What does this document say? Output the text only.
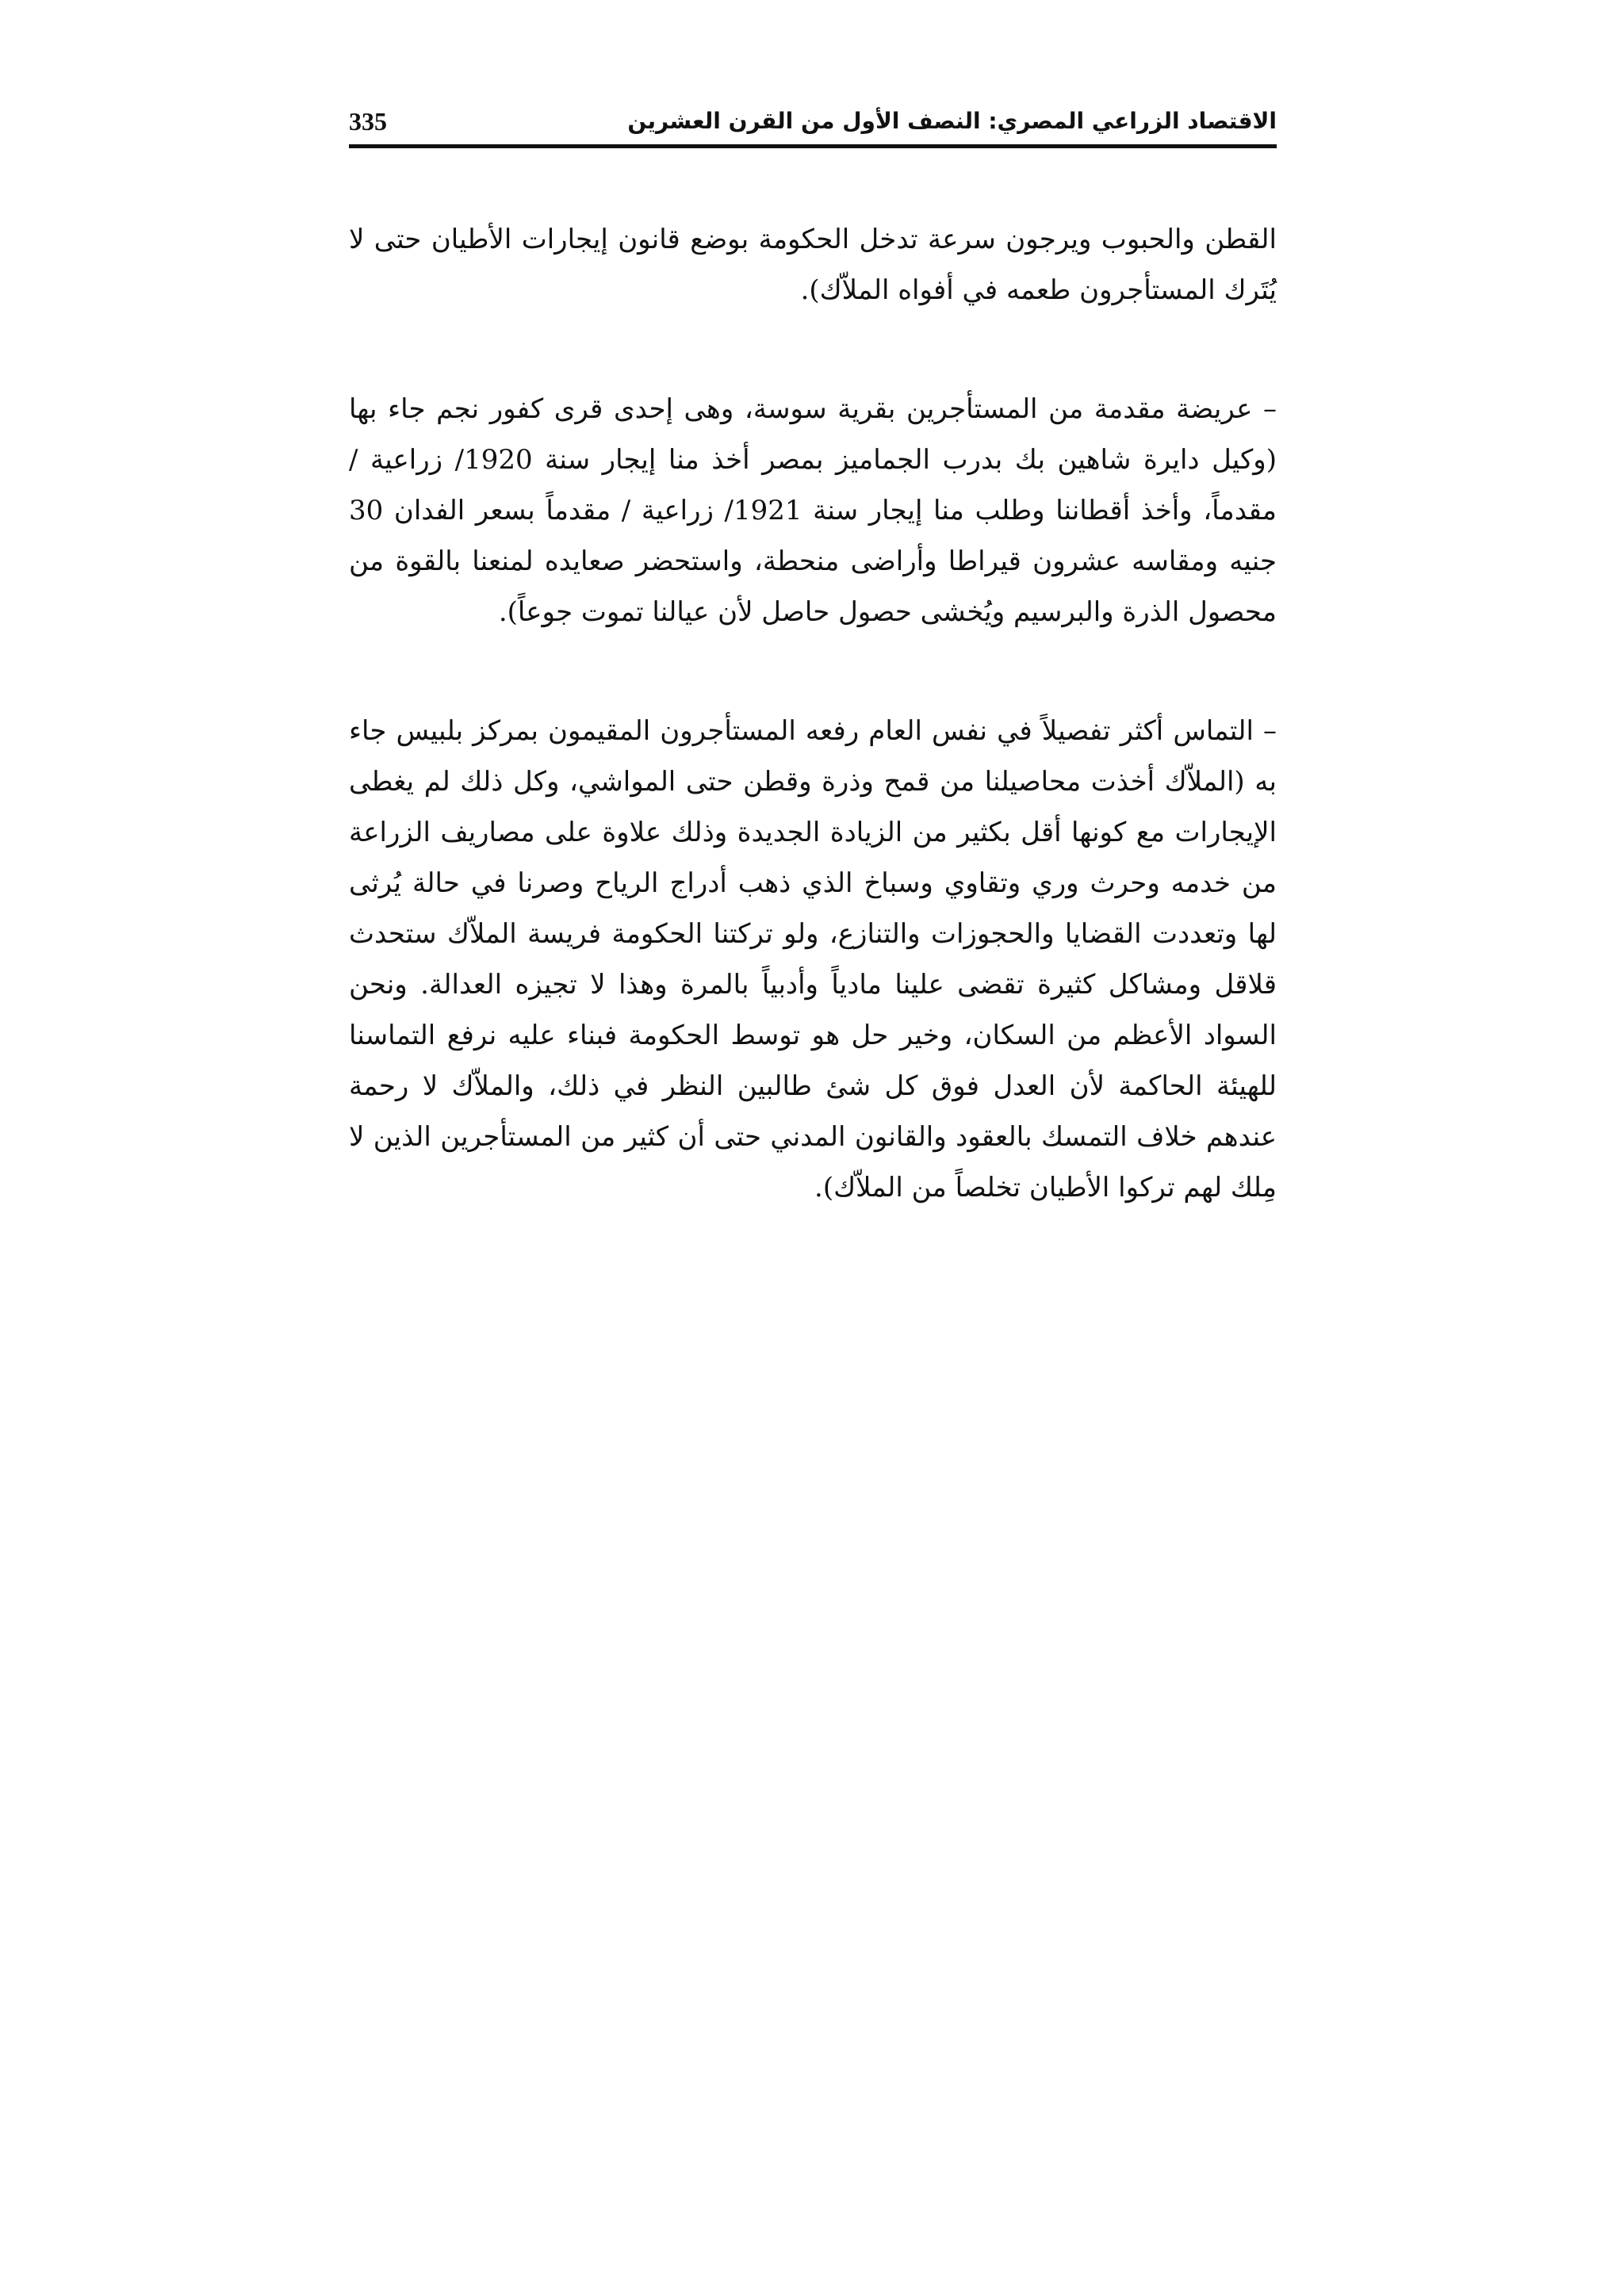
الاقتصاد الزراعي المصري: النصف الأول من القرن العشرين
335

القطن والحبوب ويرجون سرعة تدخل الحكومة بوضع قانون إيجارات الأطيان حتى لا يُتَرك المستأجرون طعمه في أفواه الملاّك).

– عريضة مقدمة من المستأجرين بقرية سوسة، وهى إحدى قرى كفور نجم جاء بها (وكيل دايرة شاهين بك بدرب الجماميز بمصر أخذ منا إيجار سنة 1920/ زراعية / مقدماً، وأخذ أقطاننا وطلب منا إيجار سنة 1921/ زراعية / مقدماً بسعر الفدان 30 جنيه ومقاسه عشرون قيراطا وأراضى منحطة، واستحضر صعايده لمنعنا بالقوة من محصول الذرة والبرسيم ويُخشى حصول حاصل لأن عيالنا تموت جوعاً).

– التماس أكثر تفصيلاً في نفس العام رفعه المستأجرون المقيمون بمركز بلبيس جاء به (الملاّك أخذت محاصيلنا من قمح وذرة وقطن حتى المواشي، وكل ذلك لم يغطى الإيجارات مع كونها أقل بكثير من الزيادة الجديدة وذلك علاوة على مصاريف الزراعة من خدمه وحرث وري وتقاوي وسباخ الذي ذهب أدراج الرياح وصرنا في حالة يُرثى لها وتعددت القضايا والحجوزات والتنازع، ولو تركتنا الحكومة فريسة الملاّك ستحدث قلاقل ومشاكل كثيرة تقضى علينا مادياً وأدبياً بالمرة وهذا لا تجيزه العدالة. ونحن السواد الأعظم من السكان، وخير حل هو توسط الحكومة فبناء عليه نرفع التماسنا للهيئة الحاكمة لأن العدل فوق كل شئ طالبين النظر في ذلك، والملاّك لا رحمة عندهم خلاف التمسك بالعقود والقانون المدني حتى أن كثير من المستأجرين الذين لا مِلك لهم تركوا الأطيان تخلصاً من الملاّك).
